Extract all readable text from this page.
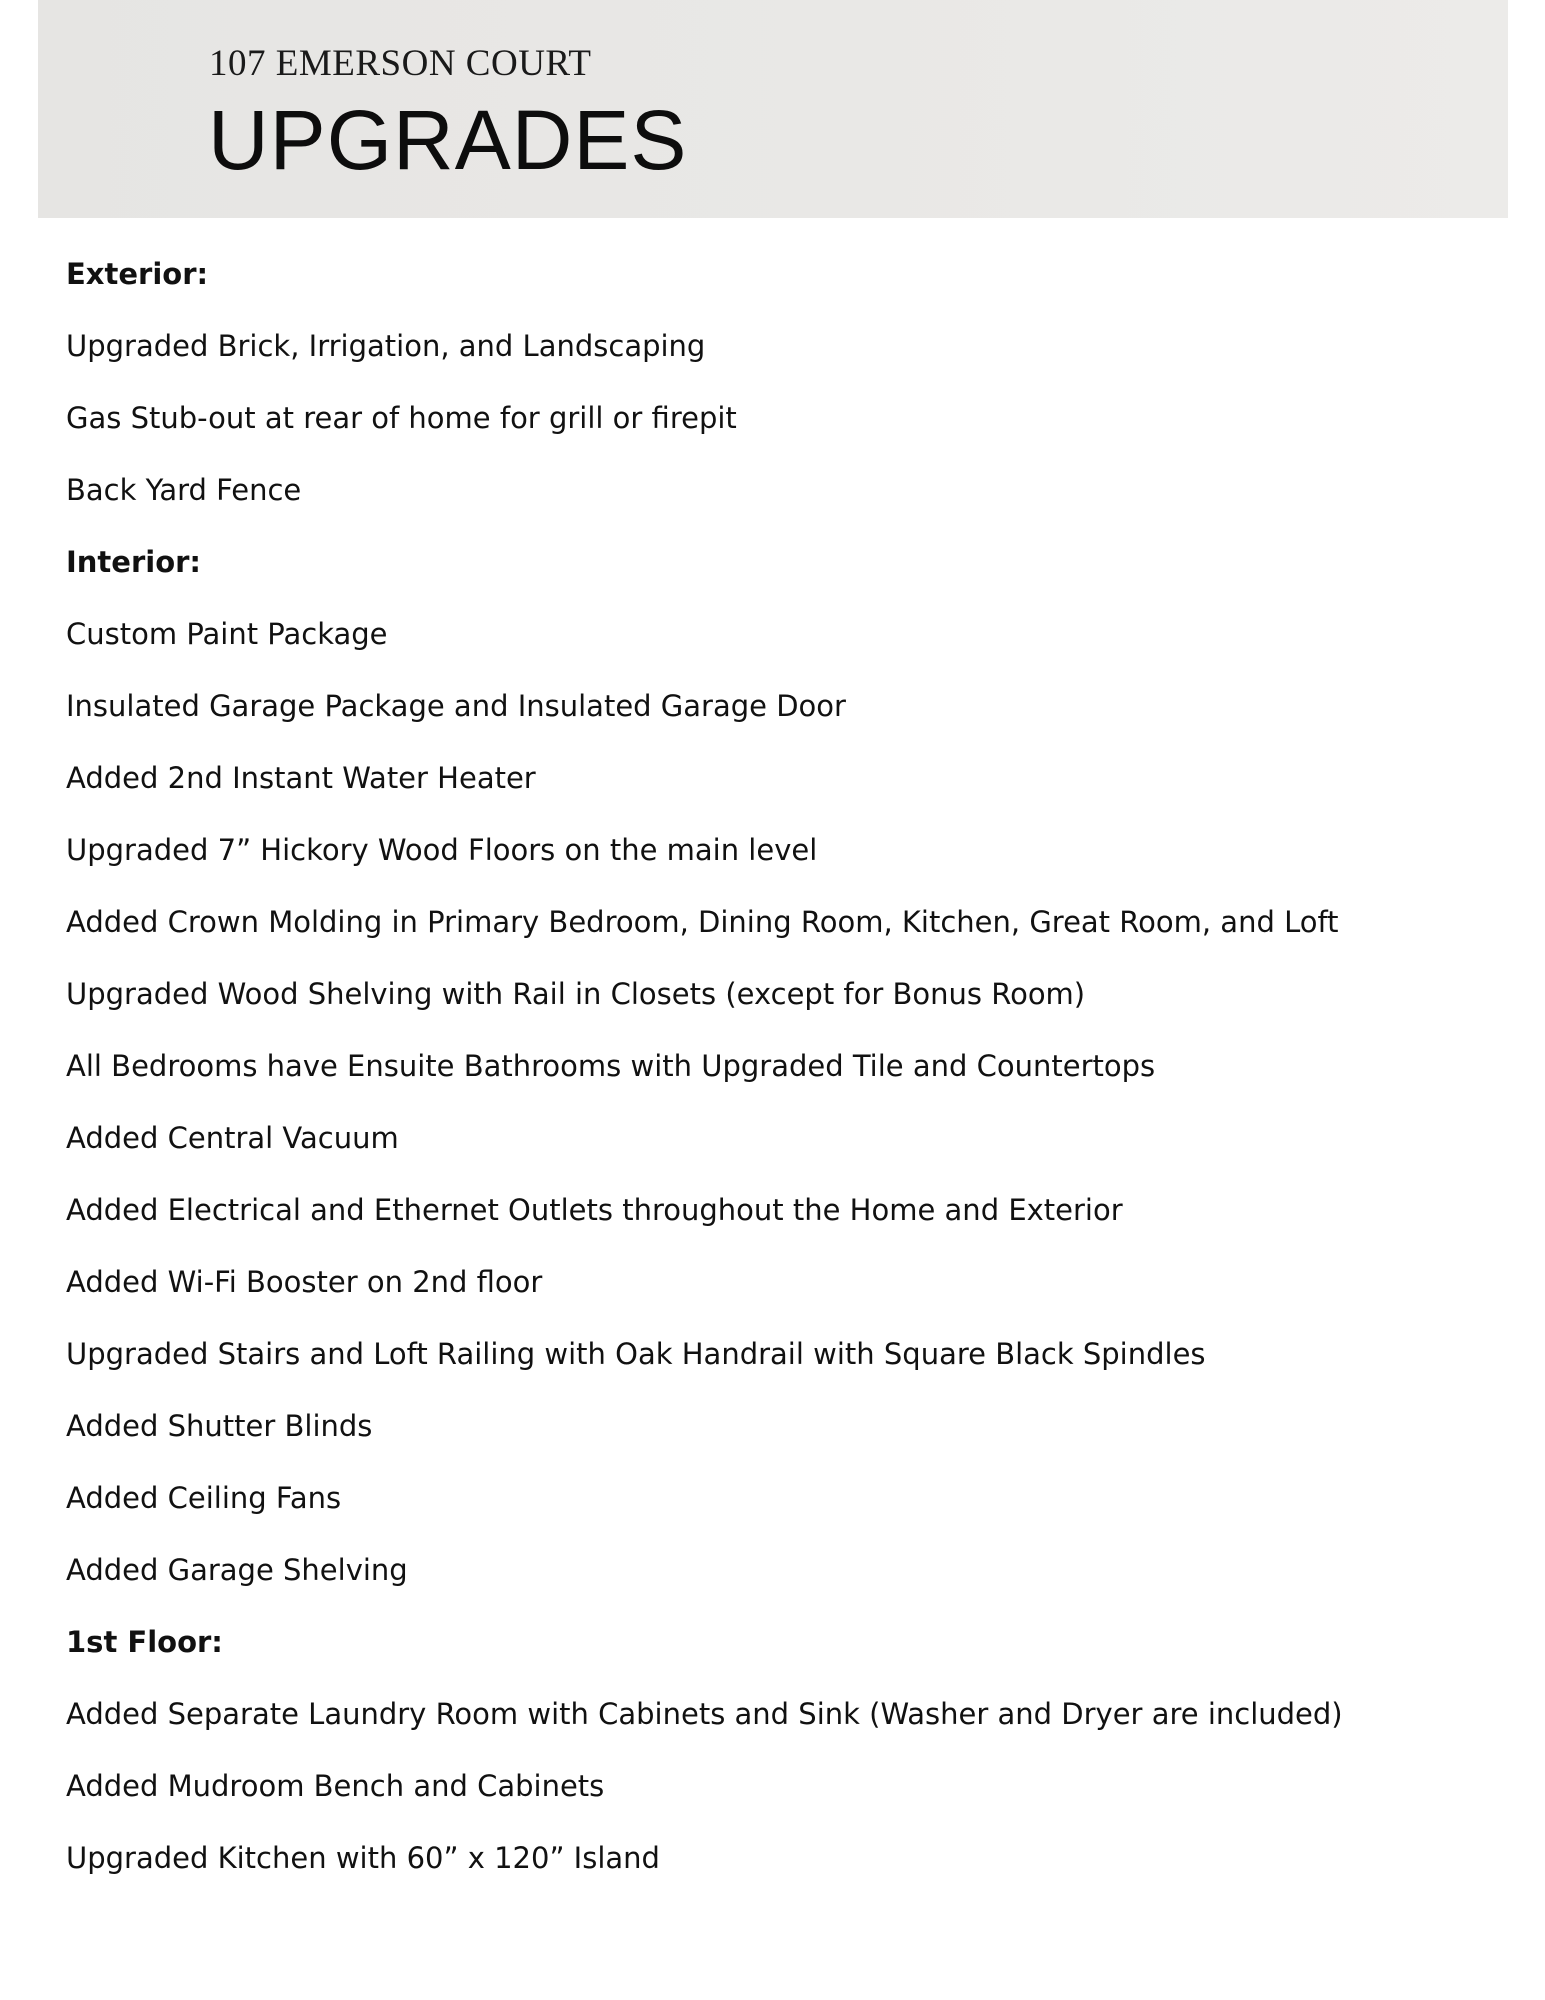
107 EMERSON COURT
UPGRADES
Exterior:
Upgraded Brick, Irrigation, and Landscaping
Gas Stub-out at rear of home for grill or firepit
Back Yard Fence
Interior:
Custom Paint Package
Insulated Garage Package and Insulated Garage Door
Added 2nd Instant Water Heater
Upgraded 7” Hickory Wood Floors on the main level
Added Crown Molding in Primary Bedroom, Dining Room, Kitchen, Great Room, and Loft
Upgraded Wood Shelving with Rail in Closets (except for Bonus Room)
All Bedrooms have Ensuite Bathrooms with Upgraded Tile and Countertops
Added Central Vacuum
Added Electrical and Ethernet Outlets throughout the Home and Exterior
Added Wi-Fi Booster on 2nd floor
Upgraded Stairs and Loft Railing with Oak Handrail with Square Black Spindles
Added Shutter Blinds
Added Ceiling Fans
Added Garage Shelving
1st Floor:
Added Separate Laundry Room with Cabinets and Sink (Washer and Dryer are included)
Added Mudroom Bench and Cabinets
Upgraded Kitchen with 60” x 120” Island
